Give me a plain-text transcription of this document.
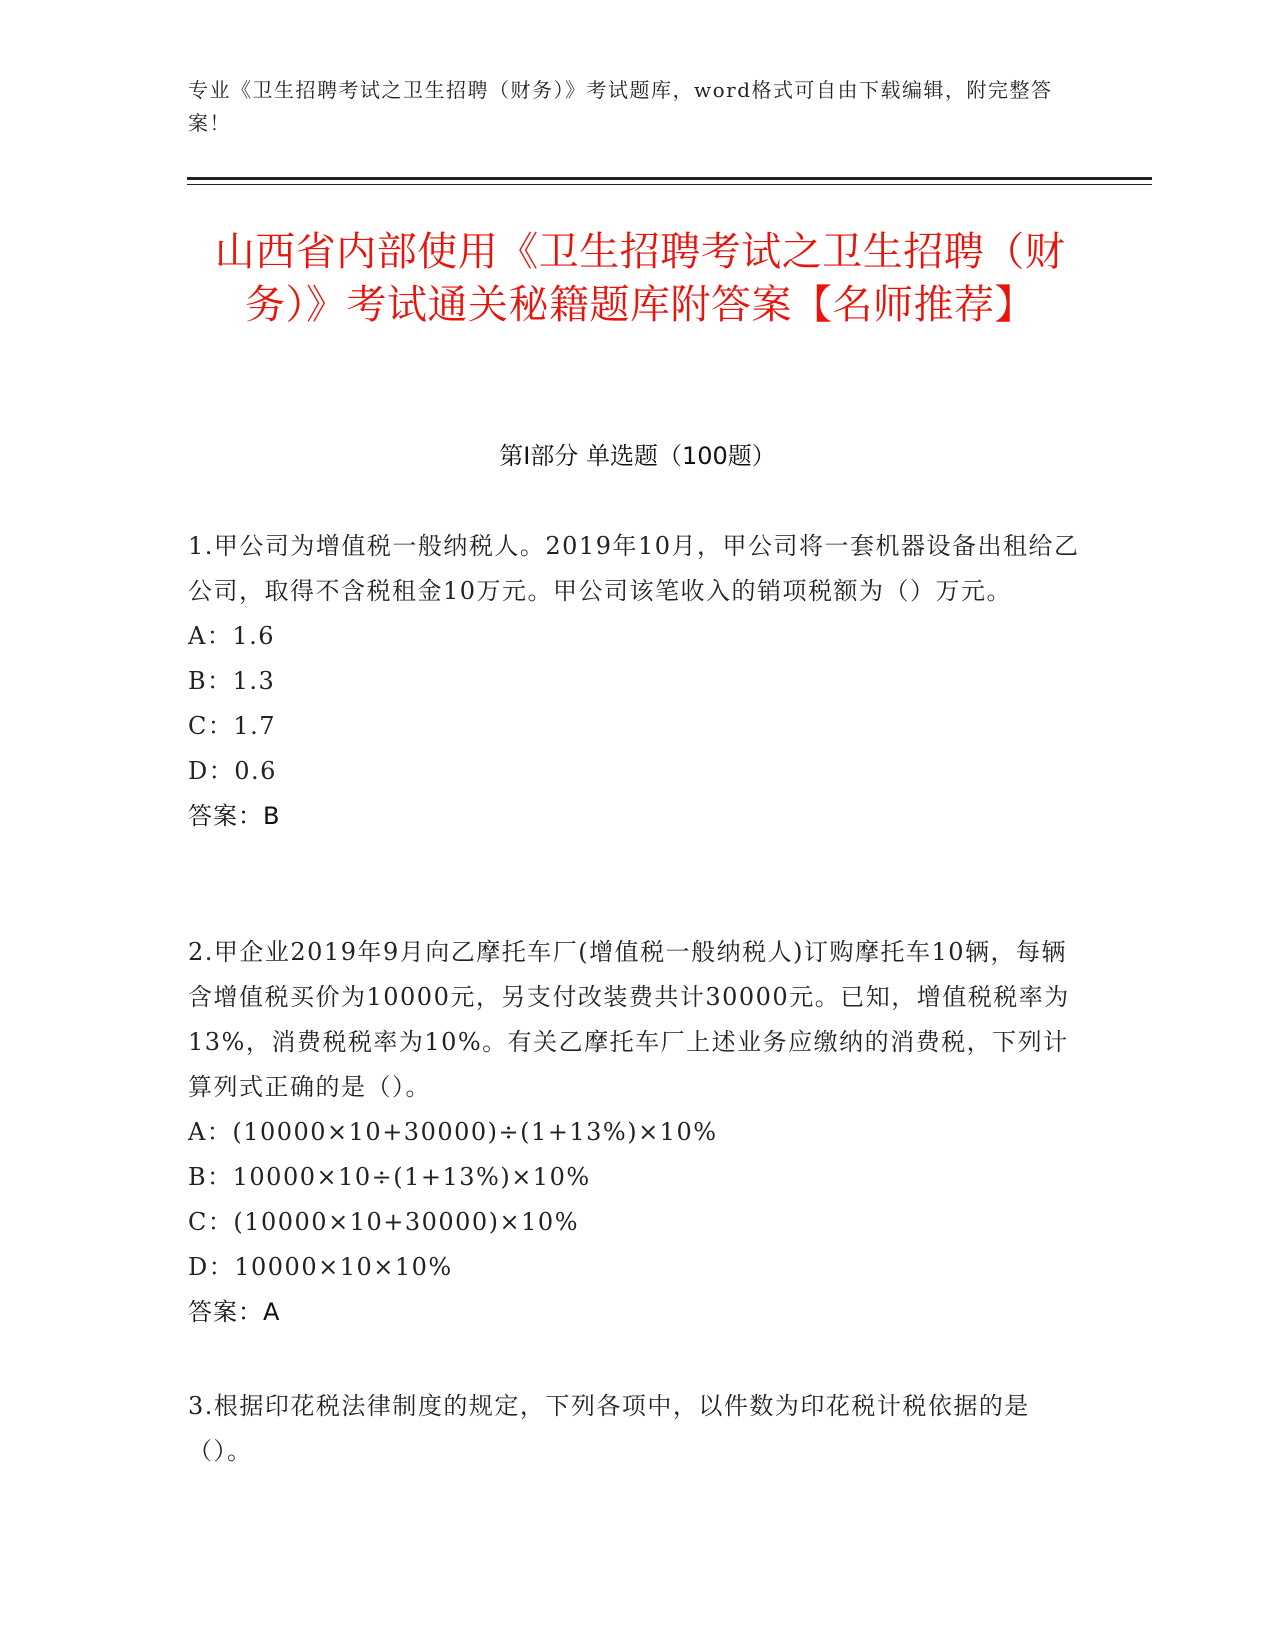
专业《卫生招聘考试之卫生招聘（财务）》考试题库，word格式可自由下载编辑，附完整答案！
山西省内部使用《卫生招聘考试之卫生招聘（财务）》考试通关秘籍题库附答案【名师推荐】
第I部分 单选题（100题）
1.甲公司为增值税一般纳税人。2019年10月，甲公司将一套机器设备出租给乙公司，取得不含税租金10万元。甲公司该笔收入的销项税额为（）万元。
A：1.6
B：1.3
C：1.7
D：0.6
答案：B
2.甲企业2019年9月向乙摩托车厂(增值税一般纳税人)订购摩托车10辆，每辆含增值税买价为10000元，另支付改装费共计30000元。已知，增值税税率为13%，消费税税率为10%。有关乙摩托车厂上述业务应缴纳的消费税，下列计算列式正确的是（）。
A：(10000×10+30000)÷(1+13%)×10%
B：10000×10÷(1+13%)×10%
C：(10000×10+30000)×10%
D：10000×10×10%
答案：A
3.根据印花税法律制度的规定，下列各项中，以件数为印花税计税依据的是（）。
